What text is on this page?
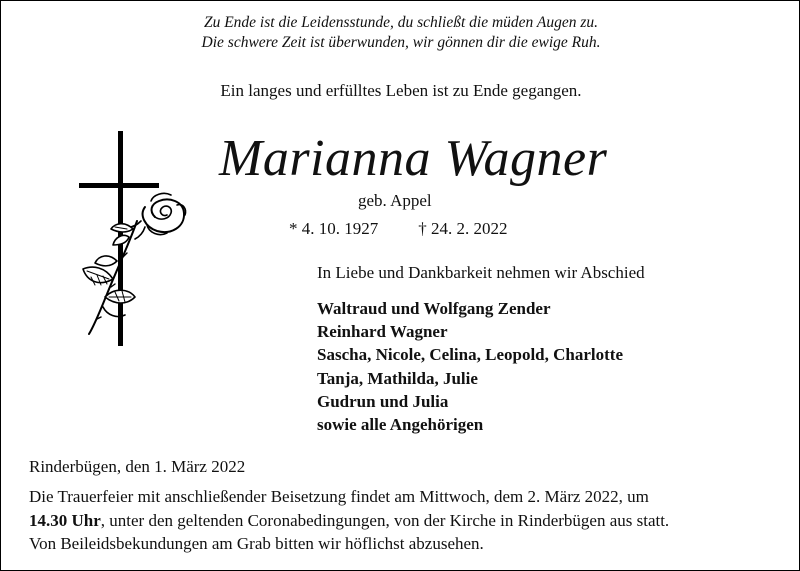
Zu Ende ist die Leidensstunde, du schließt die müden Augen zu.
Die schwere Zeit ist überwunden, wir gönnen dir die ewige Ruh.
Ein langes und erfülltes Leben ist zu Ende gegangen.
Marianna Wagner
geb. Appel
* 4. 10. 1927 † 24. 2. 2022
In Liebe und Dankbarkeit nehmen wir Abschied
Waltraud und Wolfgang Zender
Reinhard Wagner
Sascha, Nicole, Celina, Leopold, Charlotte
Tanja, Mathilda, Julie
Gudrun und Julia
sowie alle Angehörigen
Rinderbügen, den 1. März 2022
Die Trauerfeier mit anschließender Beisetzung findet am Mittwoch, dem 2. März 2022, um
14.30 Uhr, unter den geltenden Coronabedingungen, von der Kirche in Rinderbügen aus statt.
Von Beileidsbekundungen am Grab bitten wir höflichst abzusehen.
